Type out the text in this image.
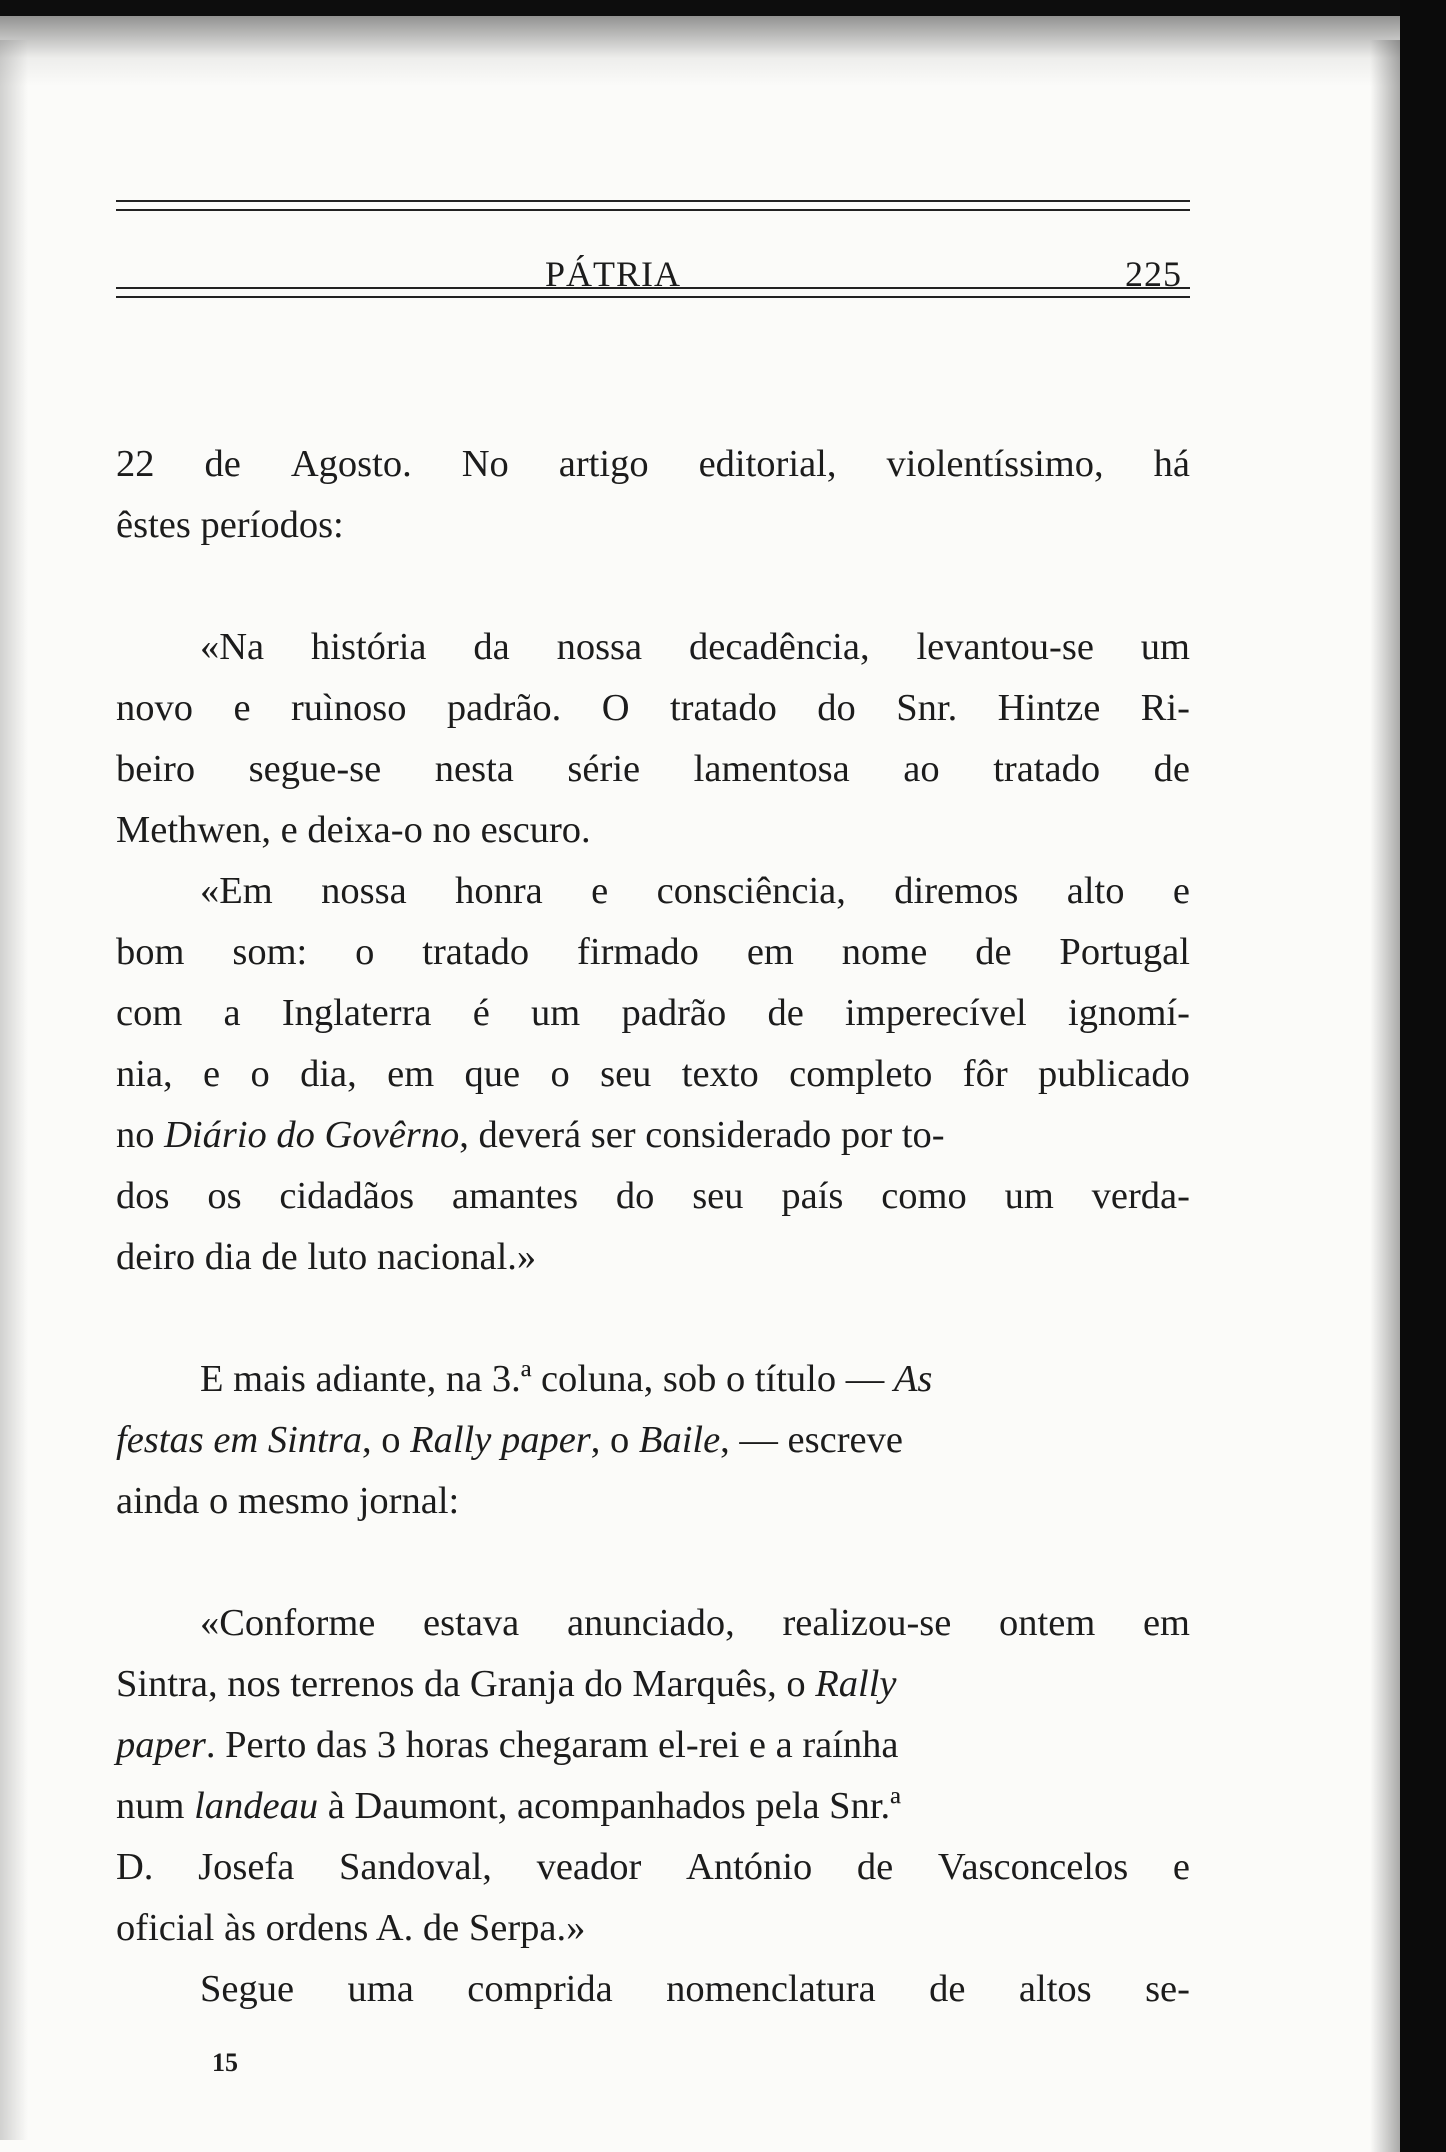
PÁTRIA	225
22 de Agosto. No artigo editorial, violentíssimo, há
êstes períodos:
«Na história da nossa decadência, levantou-se um
novo e ruìnoso padrão. O tratado do Snr. Hintze Ri-
beiro segue-se nesta série lamentosa ao tratado de
Methwen, e deixa-o no escuro.
«Em nossa honra e consciência, diremos alto e
bom som: o tratado firmado em nome de Portugal
com a Inglaterra é um padrão de imperecível ignomí-
nia, e o dia, em que o seu texto completo fôr publicado
no Diário do Govêrno, deverá ser considerado por to-
dos os cidadãos amantes do seu país como um verda-
deiro dia de luto nacional.»
E mais adiante, na 3.ª coluna, sob o título — As
festas em Sintra, o Rally paper, o Baile, — escreve
ainda o mesmo jornal:
«Conforme estava anunciado, realizou-se ontem em
Sintra, nos terrenos da Granja do Marquês, o Rally
paper. Perto das 3 horas chegaram el-rei e a raínha
num landeau à Daumont, acompanhados pela Snr.ª
D. Josefa Sandoval, veador António de Vasconcelos e
oficial às ordens A. de Serpa.»
Segue uma comprida nomenclatura de altos se-
15
